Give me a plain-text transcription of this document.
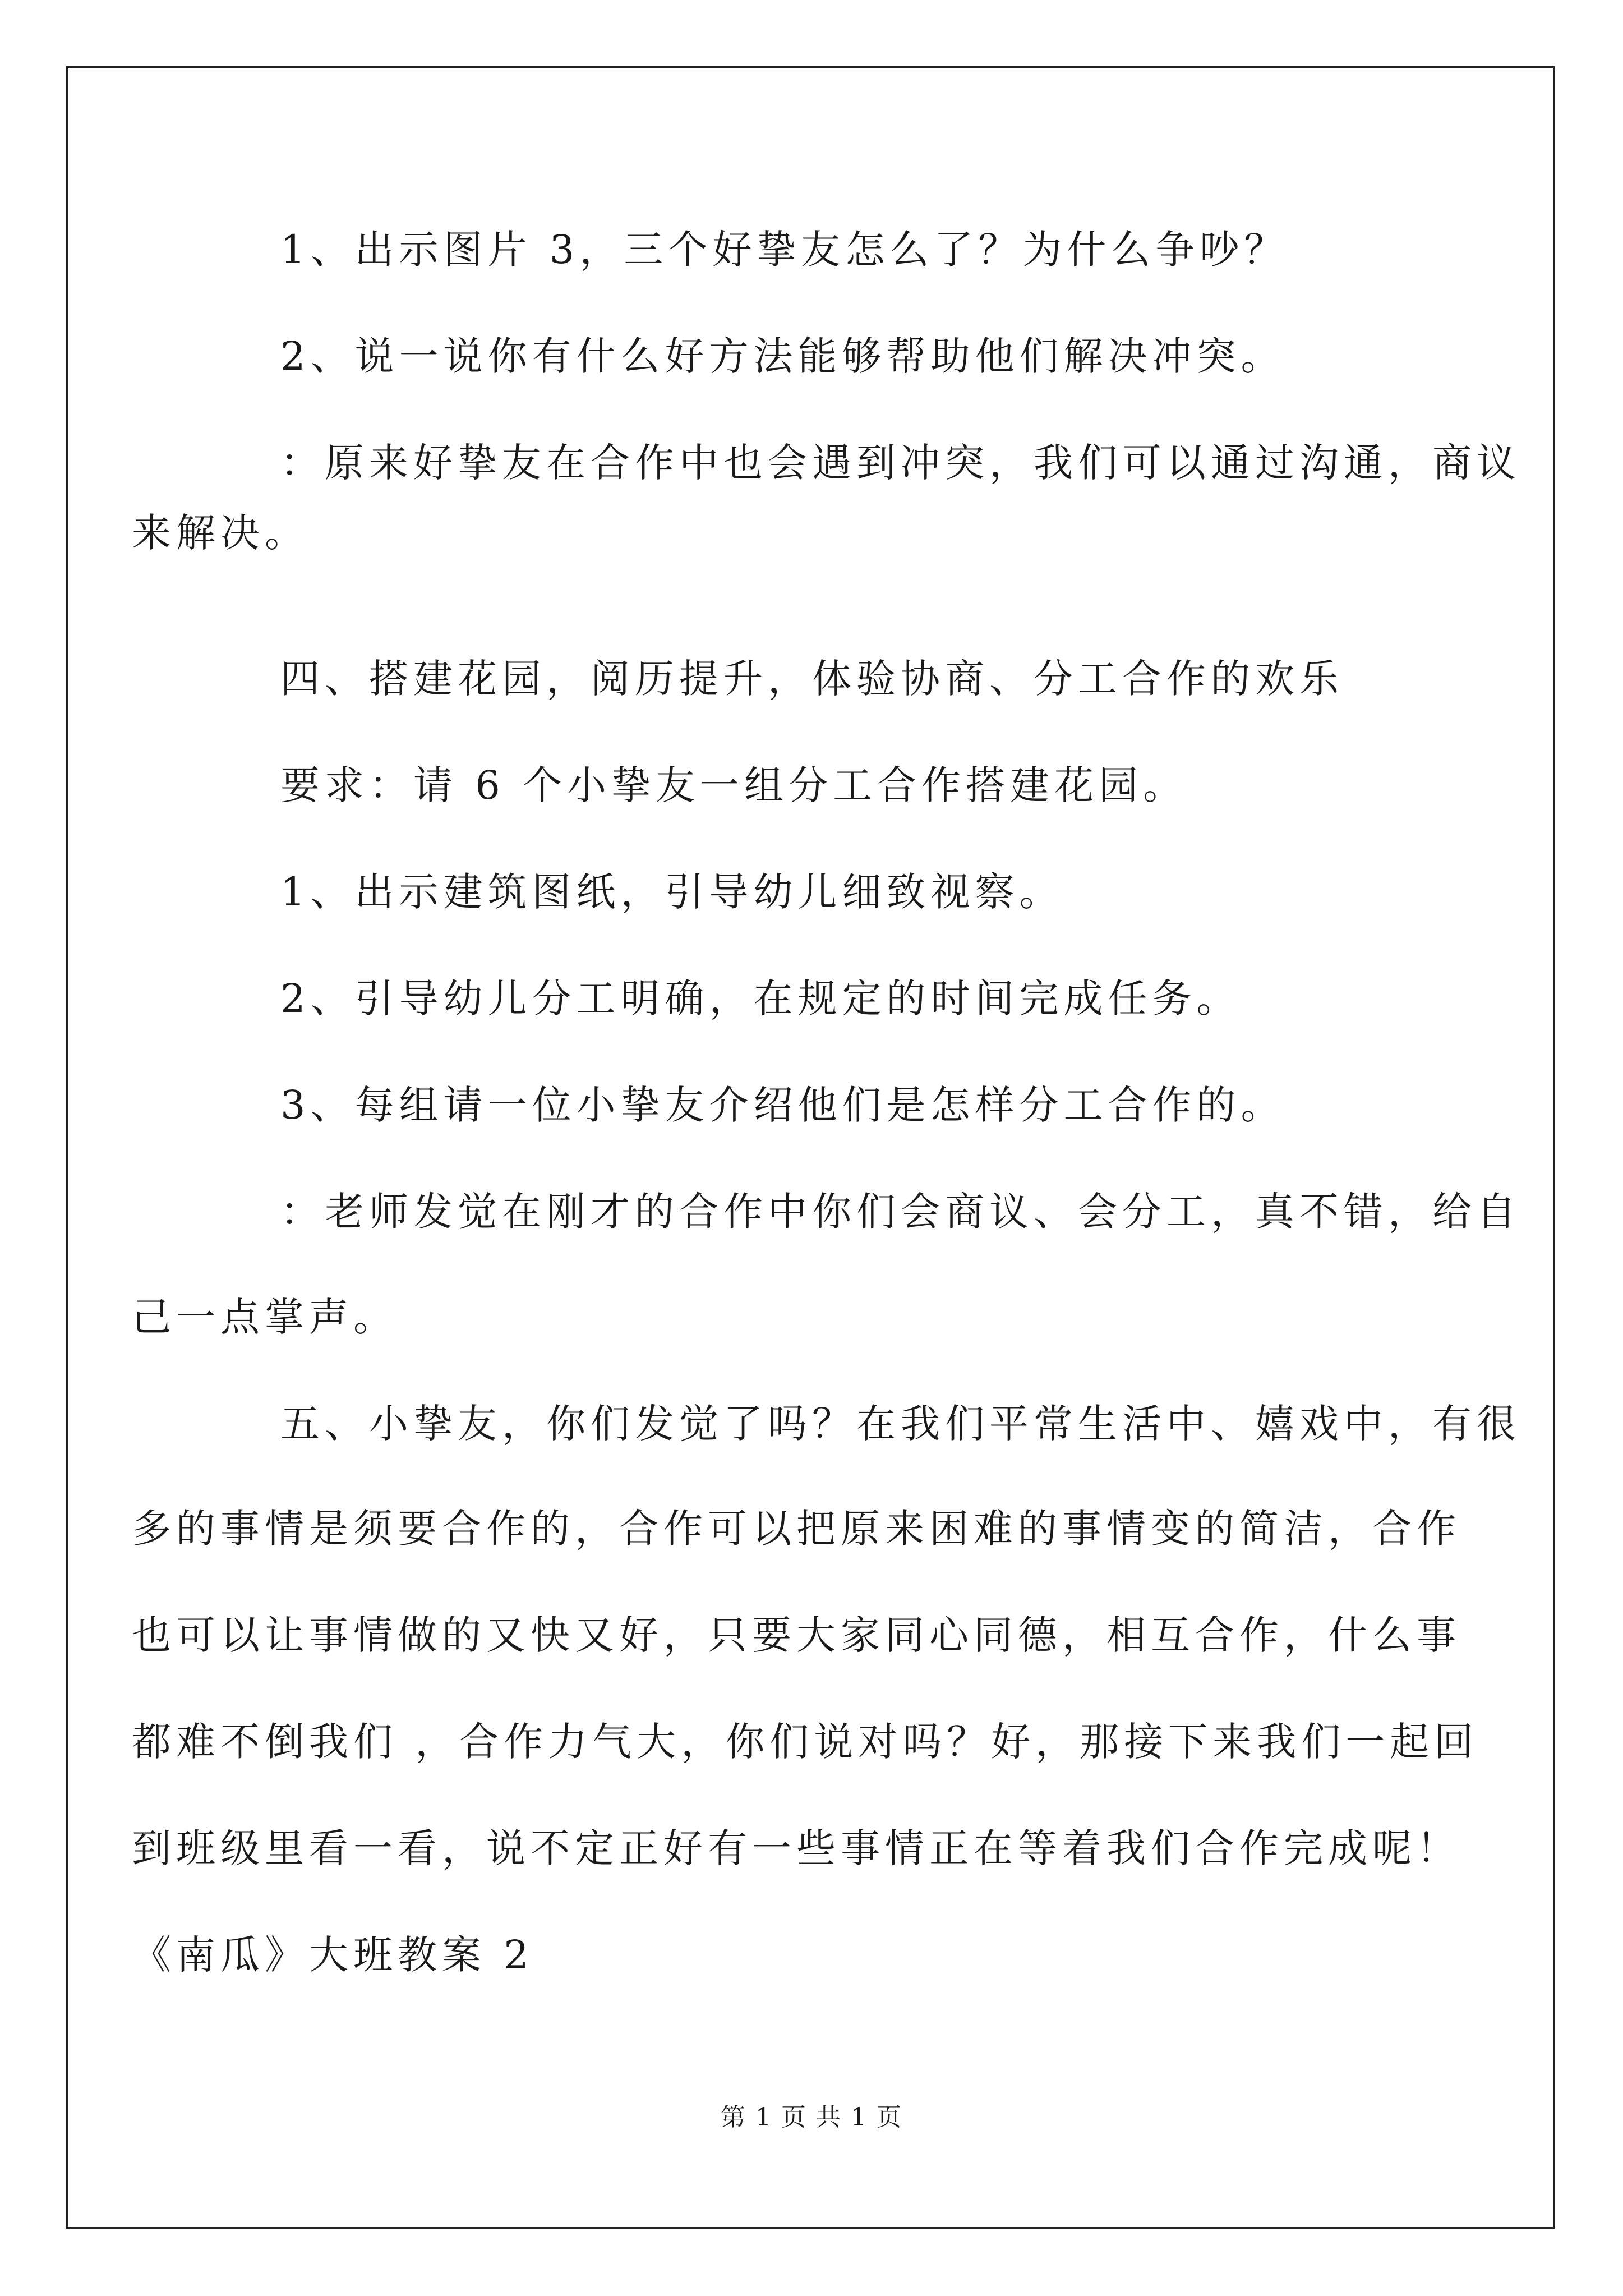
1、出示图片 3，三个好挚友怎么了？为什么争吵？
2、说一说你有什么好方法能够帮助他们解决冲突。
：原来好挚友在合作中也会遇到冲突，我们可以通过沟通，商议
来解决。
四、搭建花园，阅历提升，体验协商、分工合作的欢乐
要求：请 6 个小挚友一组分工合作搭建花园。
1、出示建筑图纸，引导幼儿细致视察。
2、引导幼儿分工明确，在规定的时间完成任务。
3、每组请一位小挚友介绍他们是怎样分工合作的。
：老师发觉在刚才的合作中你们会商议、会分工，真不错，给自
己一点掌声。
五、小挚友，你们发觉了吗？在我们平常生活中、嬉戏中，有很
多的事情是须要合作的，合作可以把原来困难的事情变的简洁，合作
也可以让事情做的又快又好，只要大家同心同德，相互合作，什么事
都难不倒我们 ，合作力气大，你们说对吗？好，那接下来我们一起回
到班级里看一看，说不定正好有一些事情正在等着我们合作完成呢！
《南瓜》大班教案 2
第 1 页 共 1 页
